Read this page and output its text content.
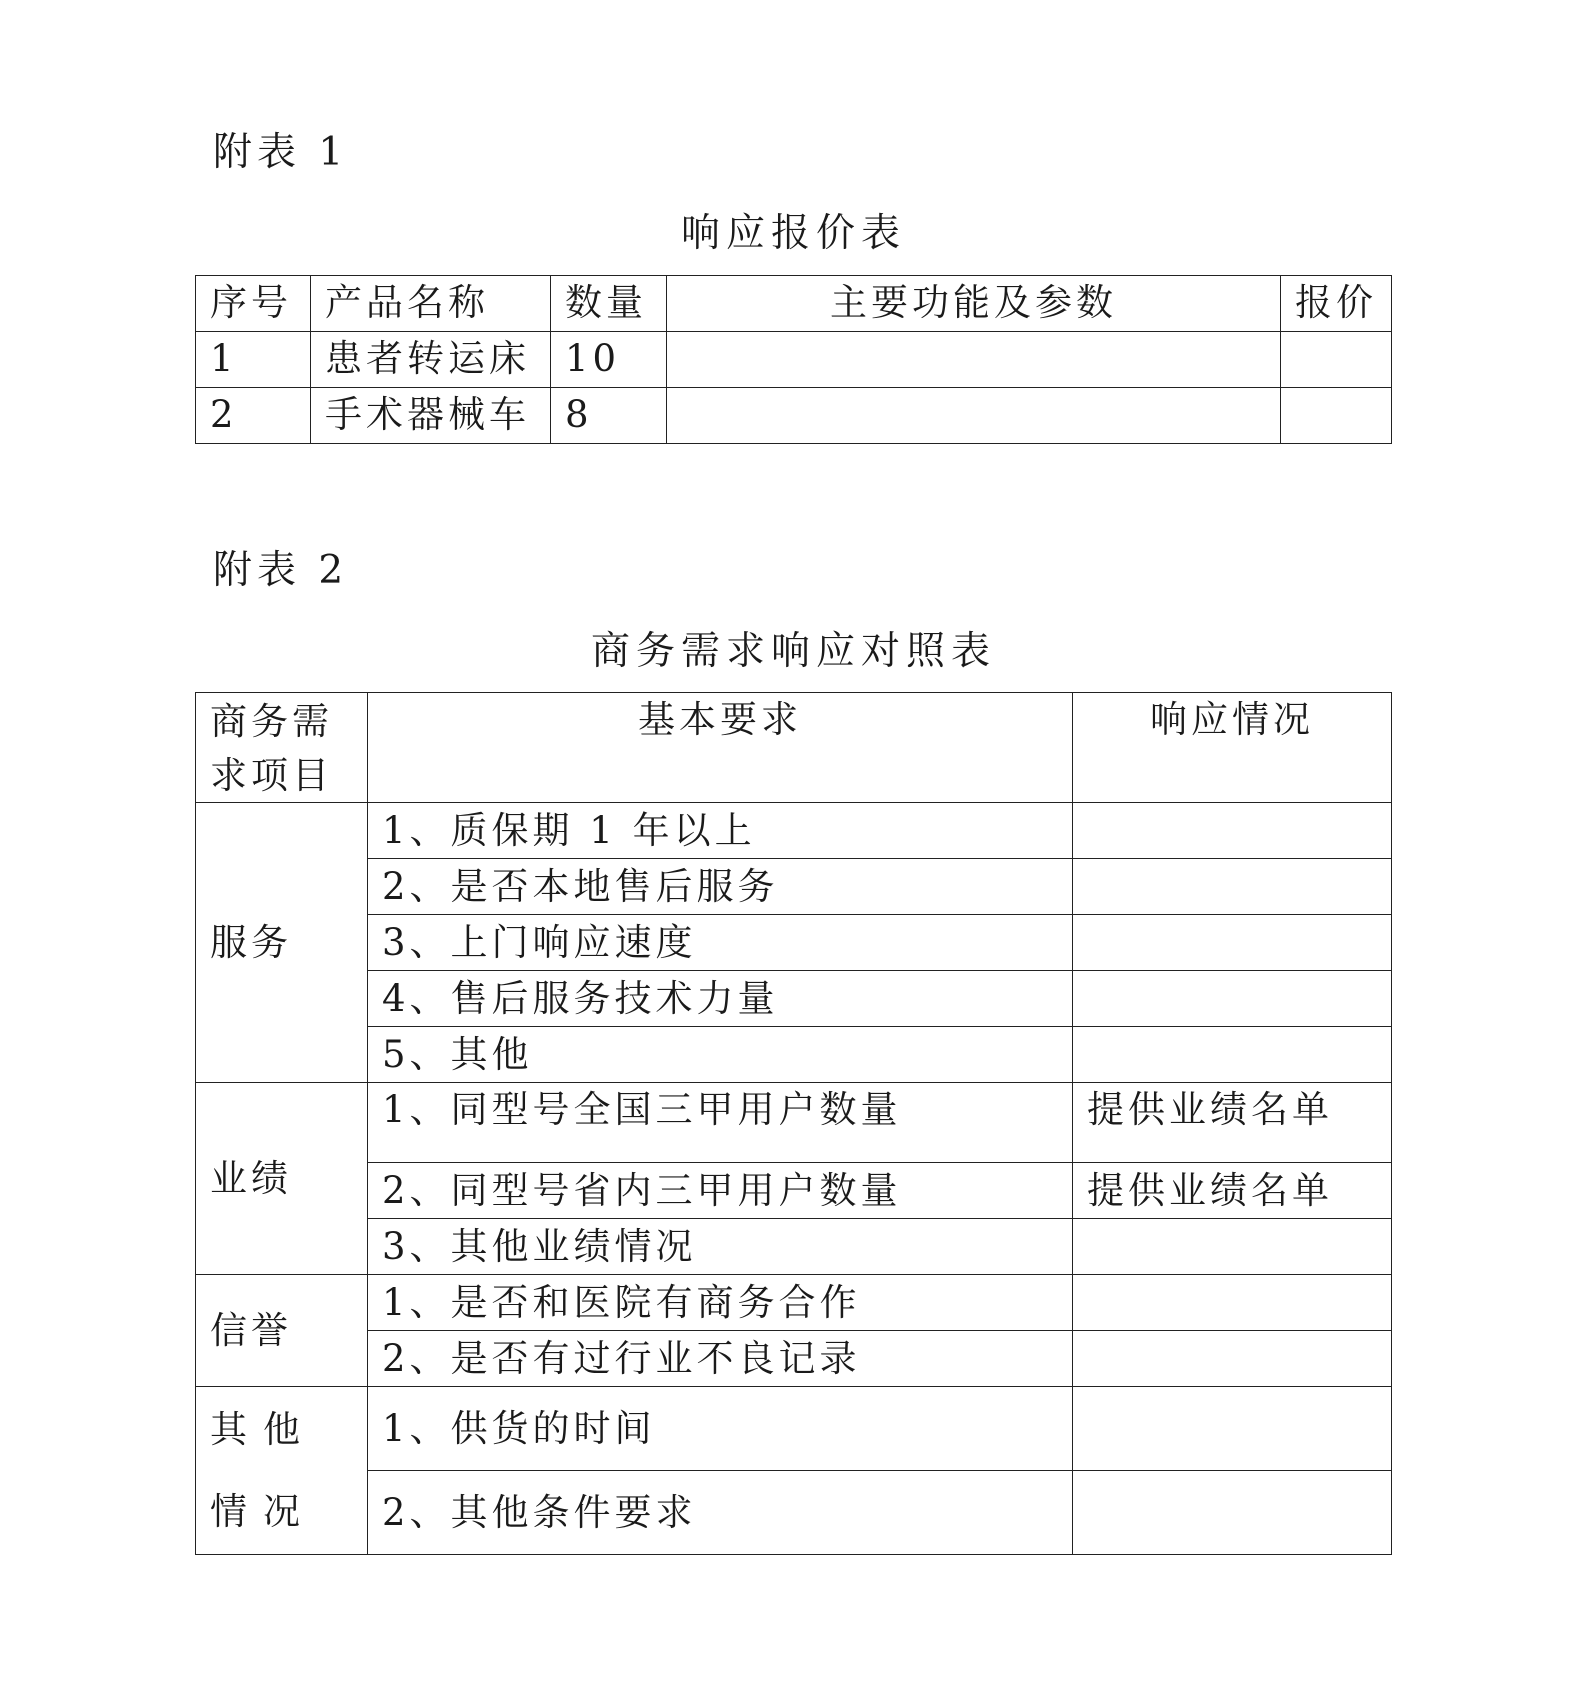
附表 1
响应报价表
序号	产品名称	数量	主要功能及参数	报价
1	患者转运床	10		
2	手术器械车	8		
附表 2
商务需求响应对照表
商务需求项目	基本要求	响应情况
服务	1、质保期 1 年以上	
	2、是否本地售后服务	
	3、上门响应速度	
	4、售后服务技术力量	
	5、其他	
业绩	1、同型号全国三甲用户数量	提供业绩名单
	2、同型号省内三甲用户数量	提供业绩名单
	3、其他业绩情况	
信誉	1、是否和医院有商务合作	
	2、是否有过行业不良记录	
其他情况	1、供货的时间	
	2、其他条件要求	
